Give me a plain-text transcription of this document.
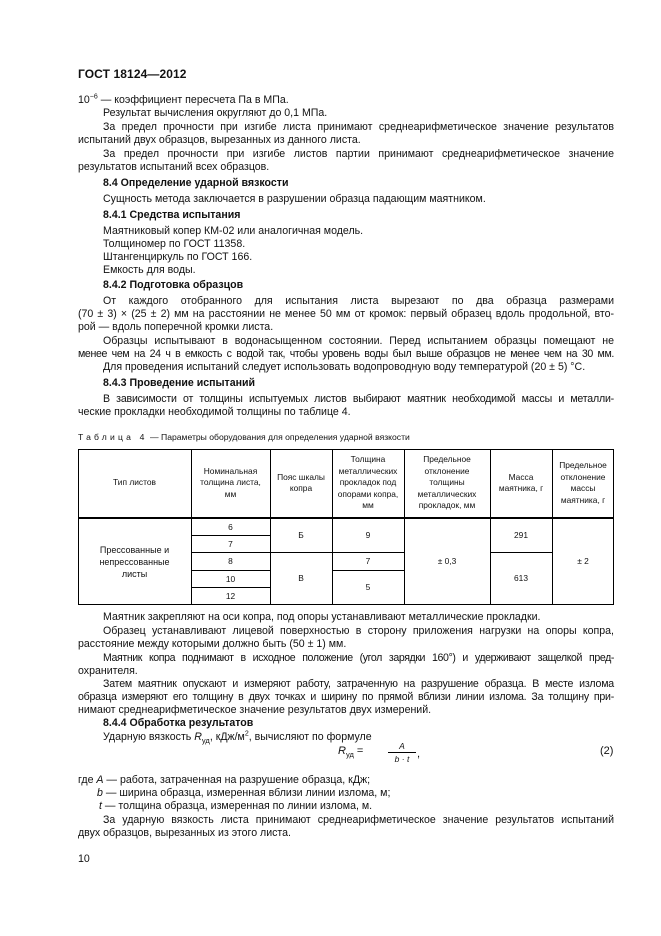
ГОСТ 18124—2012
$10^{-6}$ — коэффициент пересчета Па в МПа.
Результат вычисления округляют до 0,1 МПа.
За предел прочности при изгибе листа принимают среднеарифметическое значение результатов
испытаний двух образцов, вырезанных из данного листа.
За предел прочности при изгибе листов партии принимают среднеарифметическое значение
результатов испытаний всех образцов.
8.4 Определение ударной вязкости
Сущность метода заключается в разрушении образца падающим маятником.
8.4.1 Средства испытания
Маятниковый копер КМ-02 или аналогичная модель.
Толщиномер по ГОСТ 11358.
Штангенциркуль по ГОСТ 166.
Емкость для воды.
8.4.2 Подготовка образцов
От каждого отобранного для испытания листа вырезают по два образца размерами
(70 ± 3) × (25 ± 2) мм на расстоянии не менее 50 мм от кромок: первый образец вдоль продольной, вто-
рой — вдоль поперечной кромки листа.
Образцы испытывают в водонасыщенном состоянии. Перед испытанием образцы помещают не
менее чем на 24 ч в емкость с водой так, чтобы уровень воды был выше образцов не менее чем на 30 мм.
Для проведения испытаний следует использовать водопроводную воду температурой (20 ± 5) °С.
8.4.3 Проведение испытаний
В зависимости от толщины испытуемых листов выбирают маятник необходимой массы и металли-
ческие прокладки необходимой толщины по таблице 4.
Таблица 4 — Параметры оборудования для определения ударной вязкости
Тип листов
Номинальная толщина листа, мм
Пояс шкалы копра
Толщина металлических прокладок под опорами копра, мм
Предельное отклонение толщины металлических прокладок, мм
Масса маятника, г
Предельное отклонение массы маятника, г
Прессованные и непрессованные листы
6
7
8
10
12
Б
В
9
7
5
± 0,3
291
613
± 2
Маятник закрепляют на оси копра, под опоры устанавливают металлические прокладки.
Образец устанавливают лицевой поверхностью в сторону приложения нагрузки на опоры копра,
расстояние между которыми должно быть (50 ± 1) мм.
Маятник копра поднимают в исходное положение (угол зарядки 160°) и удерживают защелкой пред-
охранителя.
Затем маятник опускают и измеряют работу, затраченную на разрушение образца. В месте излома
образца измеряют его толщину в двух точках и ширину по прямой вблизи линии излома. За толщину при-
нимают среднеарифметическое значение результатов двух измерений.
8.4.4 Обработка результатов
Ударную вязкость $R_{уд}$, кДж/$м^2$, вычисляют по формуле
$R_{уд}$ =	A
b · t ,	(2)
где A — работа, затраченная на разрушение образца, кДж;
b — ширина образца, измеренная вблизи линии излома, м;
t — толщина образца, измеренная по линии излома, м.
За ударную вязкость листа принимают среднеарифметическое значение результатов испытаний
двух образцов, вырезанных из этого листа.
10
